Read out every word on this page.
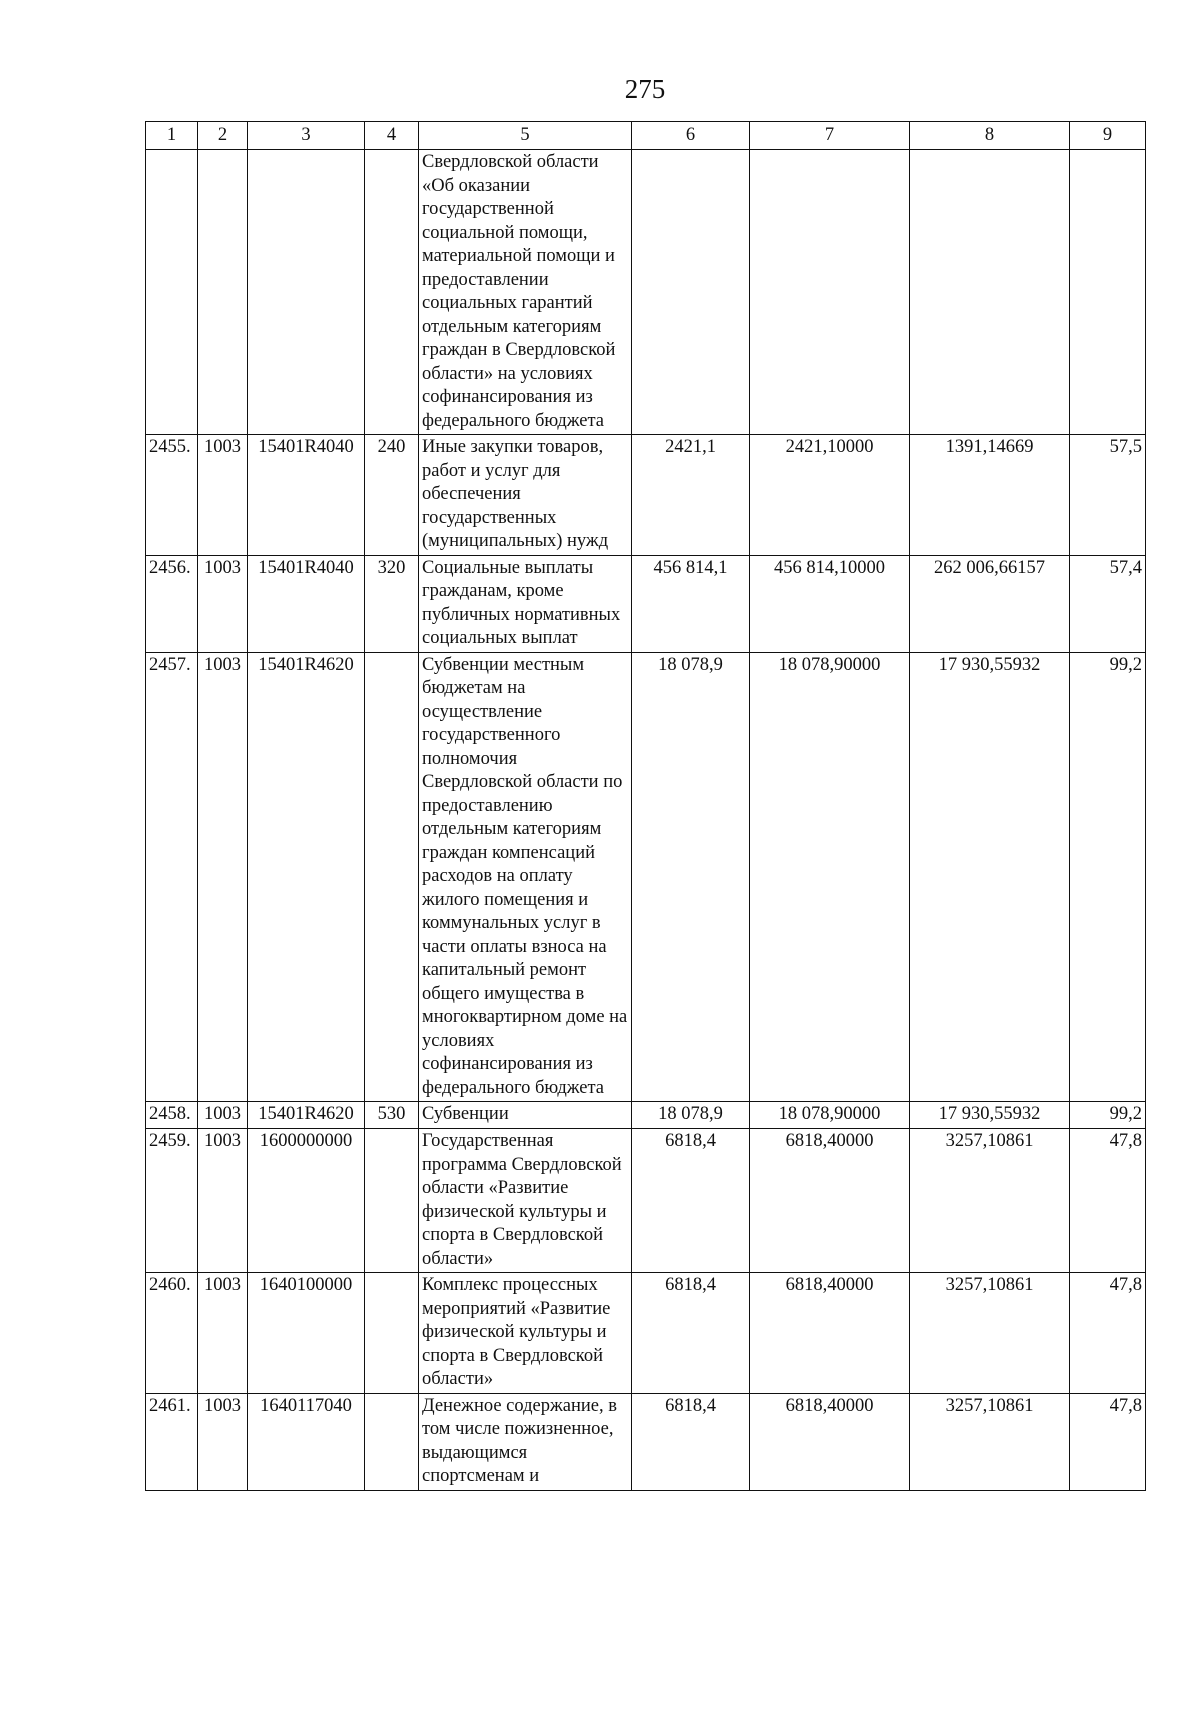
275
1	2	3	4	5	6	7	8	9
				Свердловской области «Об оказании государственной социальной помощи, материальной помощи и предоставлении социальных гарантий отдельным категориям граждан в Свердловской области» на условиях софинансирования из федерального бюджета				
2455.	1003	15401R4040	240	Иные закупки товаров, работ и услуг для обеспечения государственных (муниципальных) нужд	2421,1	2421,10000	1391,14669	57,5
2456.	1003	15401R4040	320	Социальные выплаты гражданам, кроме публичных нормативных социальных выплат	456 814,1	456 814,10000	262 006,66157	57,4
2457.	1003	15401R4620		Субвенции местным бюджетам на осуществление государственного полномочия Свердловской области по предоставлению отдельным категориям граждан компенсаций расходов на оплату жилого помещения и коммунальных услуг в части оплаты взноса на капитальный ремонт общего имущества в многоквартирном доме на условиях софинансирования из федерального бюджета	18 078,9	18 078,90000	17 930,55932	99,2
2458.	1003	15401R4620	530	Субвенции	18 078,9	18 078,90000	17 930,55932	99,2
2459.	1003	1600000000		Государственная программа Свердловской области «Развитие физической культуры и спорта в Свердловской области»	6818,4	6818,40000	3257,10861	47,8
2460.	1003	1640100000		Комплекс процессных мероприятий «Развитие физической культуры и спорта в Свердловской области»	6818,4	6818,40000	3257,10861	47,8
2461.	1003	1640117040		Денежное содержание, в том числе пожизненное, выдающимся спортсменам и	6818,4	6818,40000	3257,10861	47,8
